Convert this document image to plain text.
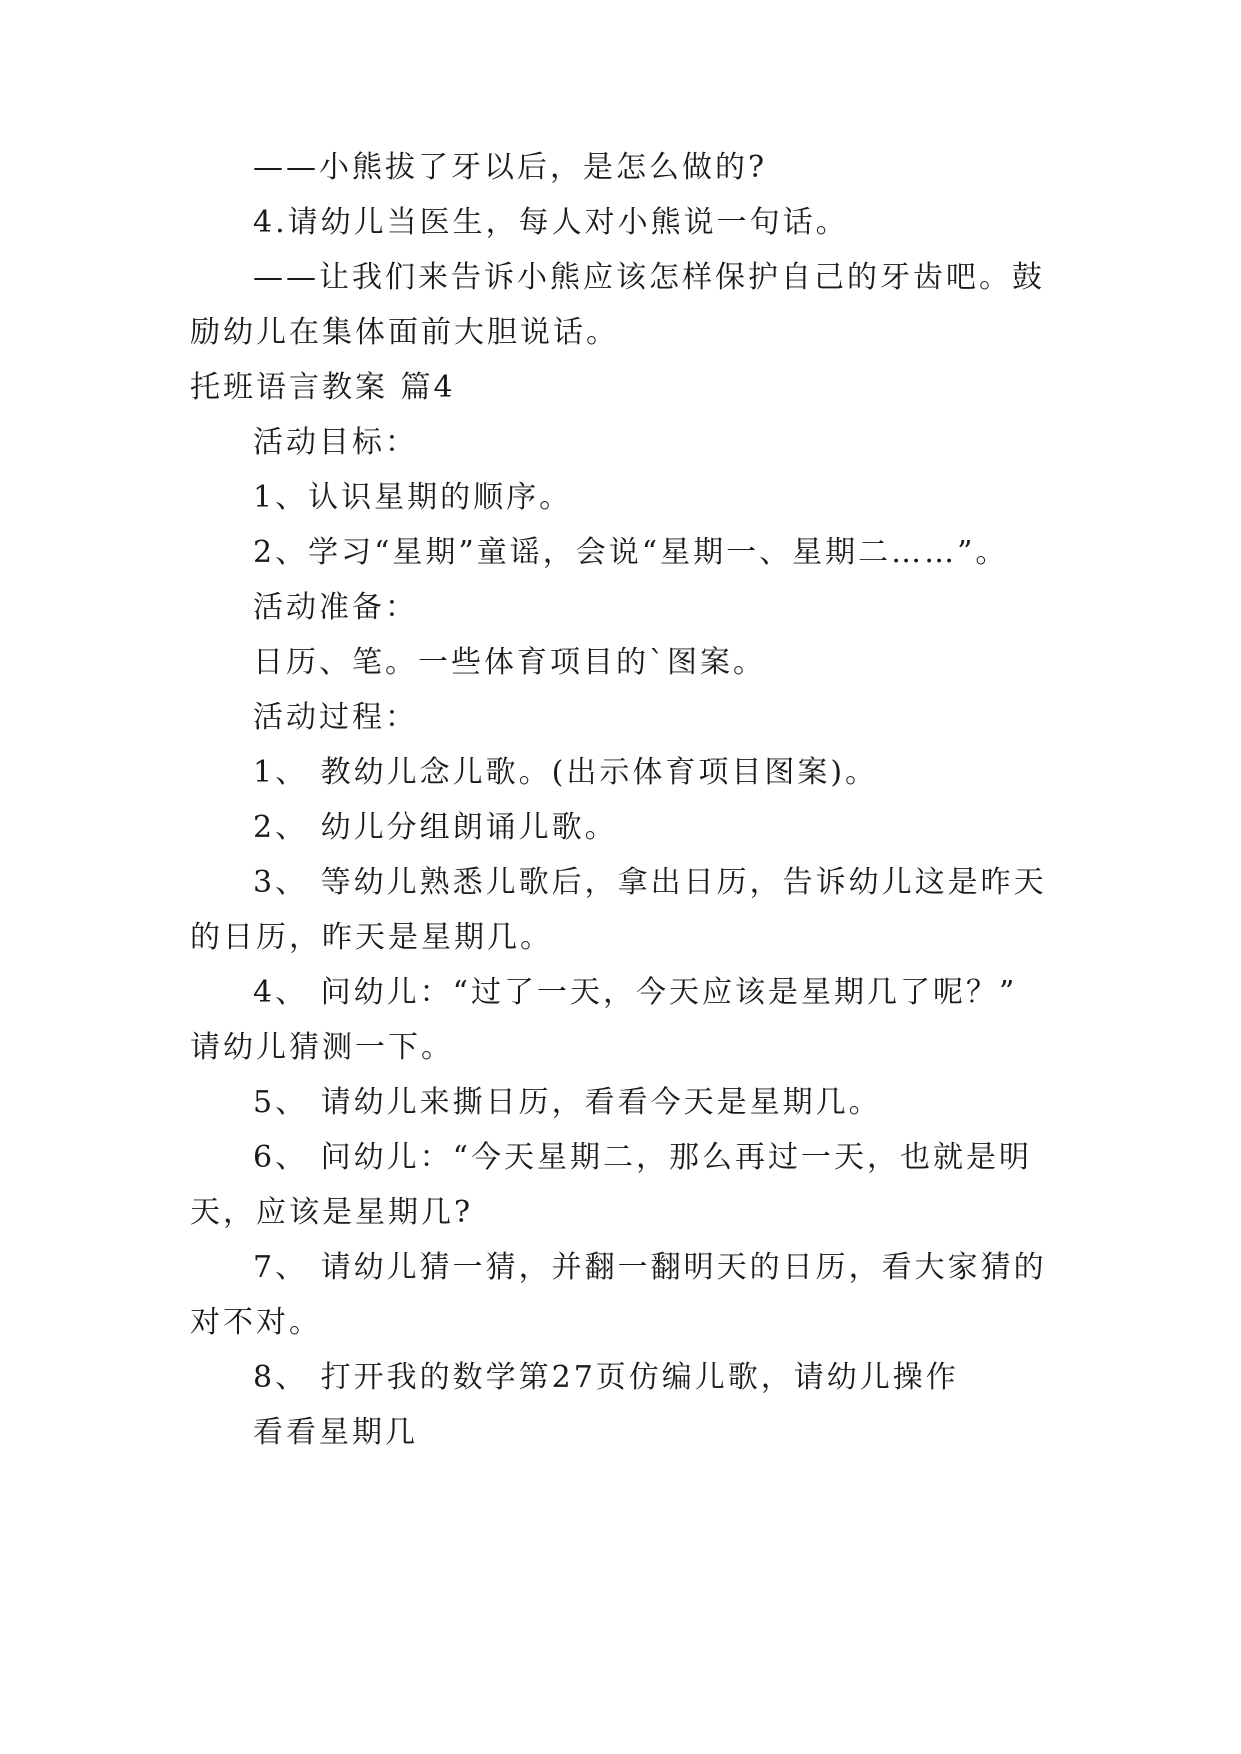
——小熊拔了牙以后，是怎么做的?
4.请幼儿当医生，每人对小熊说一句话。
——让我们来告诉小熊应该怎样保护自己的牙齿吧。鼓
励幼儿在集体面前大胆说话。
托班语言教案 篇4
活动目标：
1、认识星期的顺序。
2、学习“星期”童谣，会说“星期一、星期二……”。
活动准备：
日历、笔。一些体育项目的`图案。
活动过程：
1、 教幼儿念儿歌。(出示体育项目图案)。
2、 幼儿分组朗诵儿歌。
3、 等幼儿熟悉儿歌后，拿出日历，告诉幼儿这是昨天
的日历，昨天是星期几。
4、 问幼儿：“过了一天，今天应该是星期几了呢？”
请幼儿猜测一下。
5、 请幼儿来撕日历，看看今天是星期几。
6、 问幼儿：“今天星期二，那么再过一天，也就是明
天，应该是星期几?
7、 请幼儿猜一猜，并翻一翻明天的日历，看大家猜的
对不对。
8、 打开我的数学第27页仿编儿歌，请幼儿操作
看看星期几
